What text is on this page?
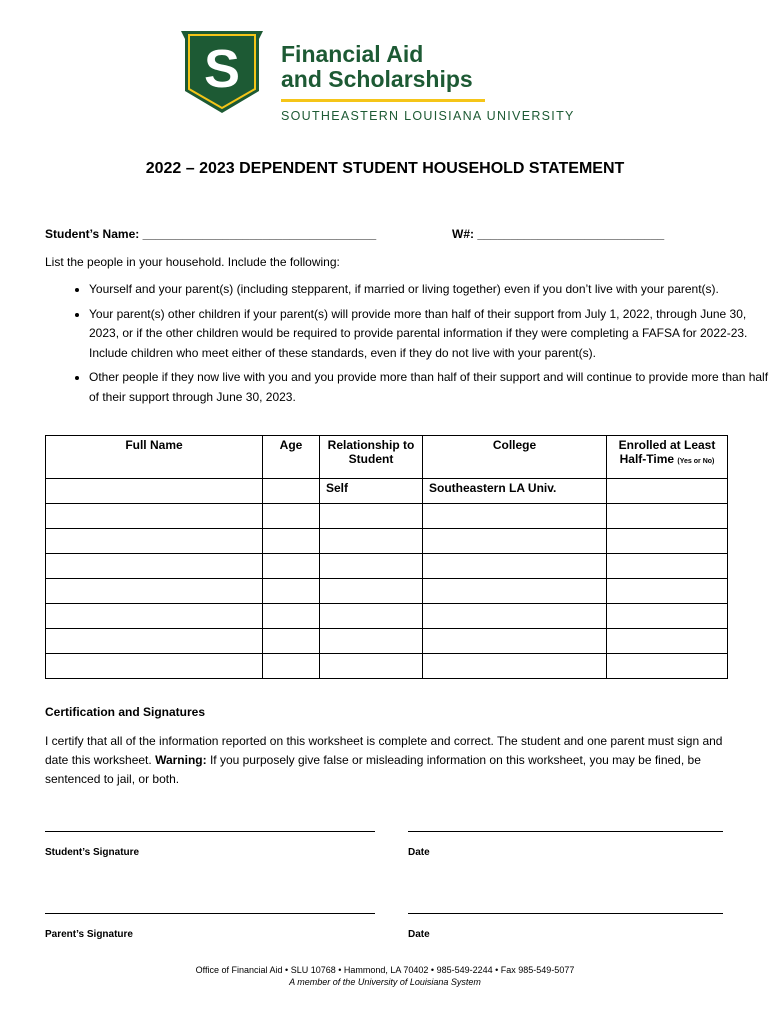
S Financial Aid
and Scholarships
SOUTHEASTERN LOUISIANA UNIVERSITY
2022 – 2023 DEPENDENT STUDENT HOUSEHOLD STATEMENT
Student’s Name: ___________________________________	W#: ____________________________
List the people in your household. Include the following:
• Yourself and your parent(s) (including stepparent, if married or living together) even if you don’t live with your parent(s).
• Your parent(s) other children if your parent(s) will provide more than half of their support from July 1, 2022, through June 30, 2023, or if the other children would be required to provide parental information if they were completing a FAFSA for 2022-23. Include children who meet either of these standards, even if they do not live with your parent(s).
• Other people if they now live with you and you provide more than half of their support and will continue to provide more than half of their support through June 30, 2023.
Full Name	Age	Relationship to Student	College	Enrolled at Least Half-Time (Yes or No)
		Self	Southeastern LA Univ.	

Certification and Signatures
I certify that all of the information reported on this worksheet is complete and correct. The student and one parent must sign and date this worksheet. Warning: If you purposely give false or misleading information on this worksheet, you may be fined, be sentenced to jail, or both.
Student’s Signature	Date
Parent’s Signature	Date
Office of Financial Aid • SLU 10768 • Hammond, LA 70402 • 985-549-2244 • Fax 985-549-5077
A member of the University of Louisiana System
